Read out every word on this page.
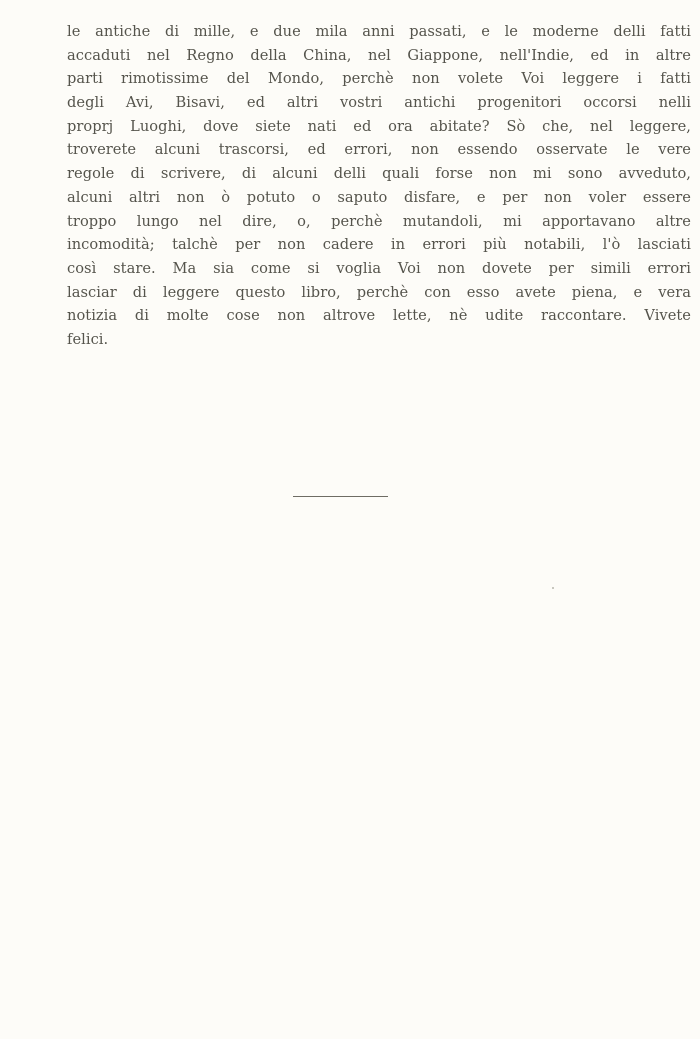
le antiche di mille, e due mila anni passati, e le moderne delli fatti
accaduti nel Regno della China, nel Giappone, nell'Indie, ed in altre
parti rimotissime del Mondo, perchè non volete Voi leggere i fatti
degli Avi, Bisavi, ed altri vostri antichi progenitori occorsi nelli
proprj Luoghi, dove siete nati ed ora abitate? Sò che, nel leggere,
troverete alcuni trascorsi, ed errori, non essendo osservate le vere
regole di scrivere, di alcuni delli quali forse non mi sono avveduto,
alcuni altri non ò potuto o saputo disfare, e per non voler essere
troppo lungo nel dire, o, perchè mutandoli, mi apportavano altre
incomodità; talchè per non cadere in errori più notabili, l'ò lasciati
così stare. Ma sia come si voglia Voi non dovete per simili errori
lasciar di leggere questo libro, perchè con esso avete piena, e vera
notizia di molte cose non altrove lette, nè udite raccontare. Vivete
felici.
